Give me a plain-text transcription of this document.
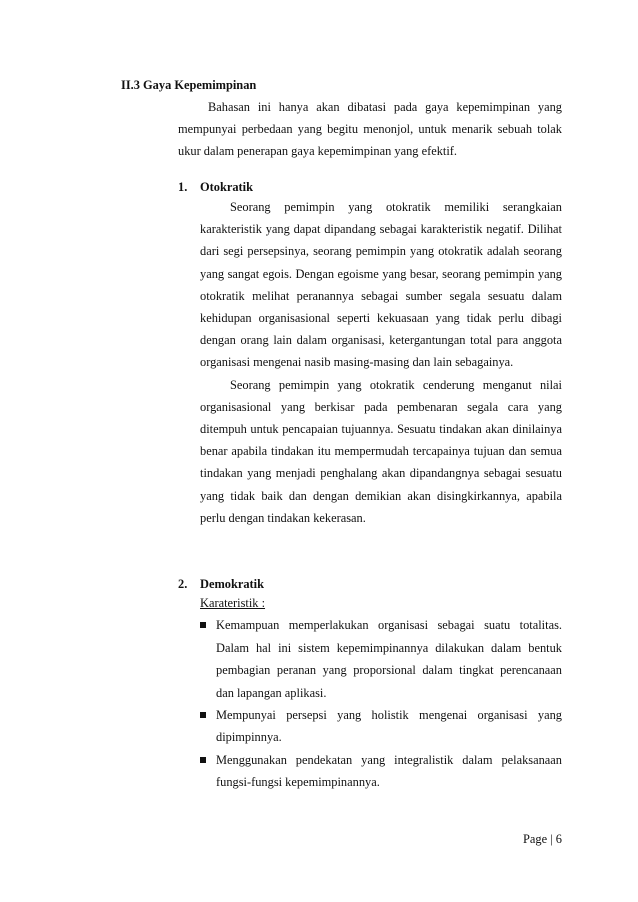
II.3 Gaya Kepemimpinan

Bahasan ini hanya akan dibatasi pada gaya kepemimpinan yang mempunyai perbedaan yang begitu menonjol, untuk menarik sebuah tolak ukur dalam penerapan gaya kepemimpinan yang efektif.

1. Otokratik

Seorang pemimpin yang otokratik memiliki serangkaian karakteristik yang dapat dipandang sebagai karakteristik negatif. Dilihat dari segi persepsinya, seorang pemimpin yang otokratik adalah seorang yang sangat egois. Dengan egoisme yang besar, seorang pemimpin yang otokratik melihat peranannya sebagai sumber segala sesuatu dalam kehidupan organisasional seperti kekuasaan yang tidak perlu dibagi dengan orang lain dalam organisasi, ketergantungan total para anggota organisasi mengenai nasib masing-masing dan lain sebagainya.

Seorang pemimpin yang otokratik cenderung menganut nilai organisasional yang berkisar pada pembenaran segala cara yang ditempuh untuk pencapaian tujuannya. Sesuatu tindakan akan dinilainya benar apabila tindakan itu mempermudah tercapainya tujuan dan semua tindakan yang menjadi penghalang akan dipandangnya sebagai sesuatu yang tidak baik dan dengan demikian akan disingkirkannya, apabila perlu dengan tindakan kekerasan.

2. Demokratik
Karateristik :
Kemampuan memperlakukan organisasi sebagai suatu totalitas. Dalam hal ini sistem kepemimpinannya dilakukan dalam bentuk pembagian peranan yang proporsional dalam tingkat perencanaan dan lapangan aplikasi.
Mempunyai persepsi yang holistik mengenai organisasi yang dipimpinnya.
Menggunakan pendekatan yang integralistik dalam pelaksanaan fungsi-fungsi kepemimpinannya.
Page | 6
